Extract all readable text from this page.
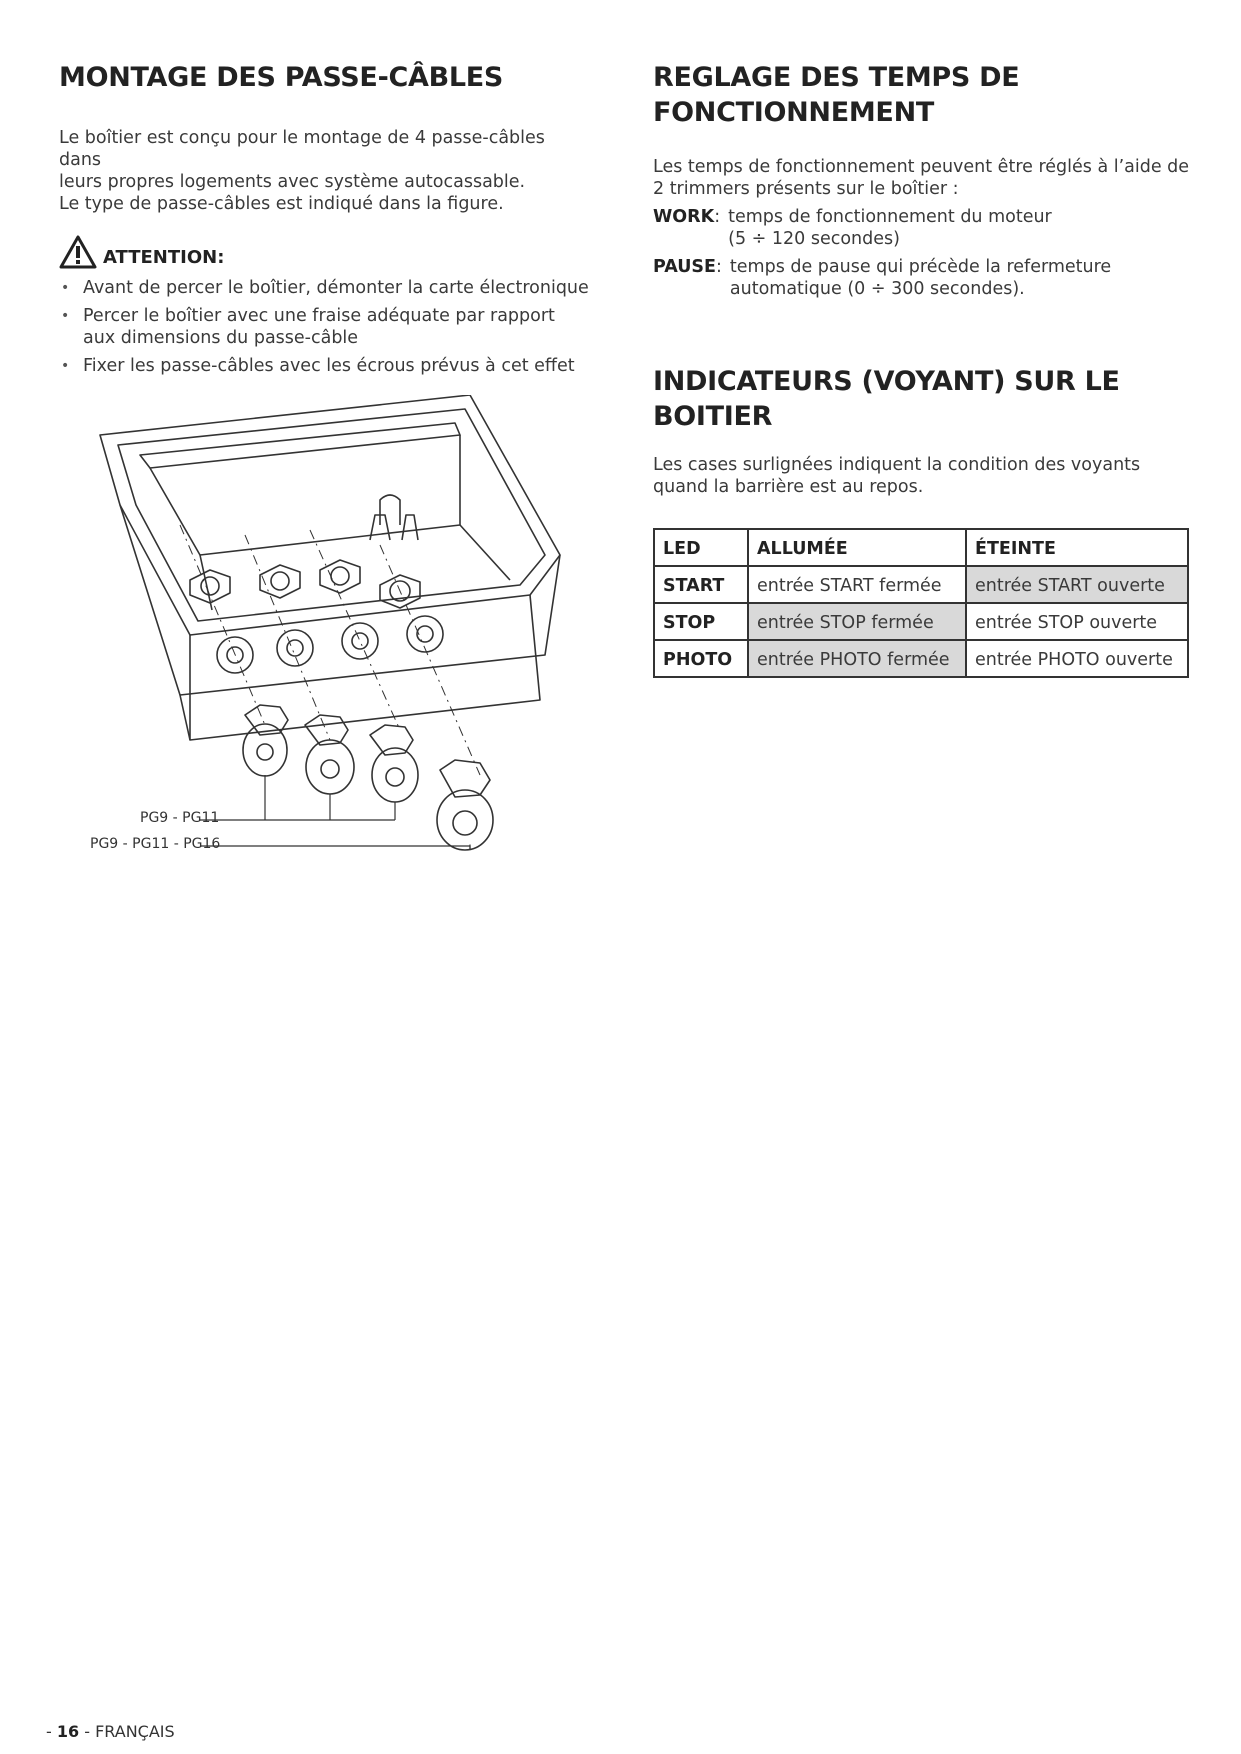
MONTAGE DES PASSE-CÂBLES

Le boîtier est conçu pour le montage de 4 passe-câbles dans
leurs propres logements avec système autocassable.
Le type de passe-câbles est indiqué dans la figure.

ATTENTION:
• Avant de percer le boîtier, démonter la carte électronique
• Percer le boîtier avec une fraise adéquate par rapport aux dimensions du passe-câble
• Fixer les passe-câbles avec les écrous prévus à cet effet
PG9 - PG11
PG9 - PG11 - PG16
REGLAGE DES TEMPS DE
FONCTIONNEMENT

Les temps de fonctionnement peuvent être réglés à l’aide de 2 trimmers présents sur le boîtier :

WORK: temps de fonctionnement du moteur
(5 ÷ 120 secondes)
PAUSE: temps de pause qui précède la refermeture
automatique (0 ÷ 300 secondes).
INDICATEURS (VOYANT) SUR LE
BOITIER

Les cases surlignées indiquent la condition des voyants quand la barrière est au repos.

LED	ALLUMÉE	ÉTEINTE
START	entrée START fermée	entrée START ouverte
STOP	entrée STOP fermée	entrée STOP ouverte
PHOTO	entrée PHOTO fermée	entrée PHOTO ouverte
- 16 - FRANÇAIS
